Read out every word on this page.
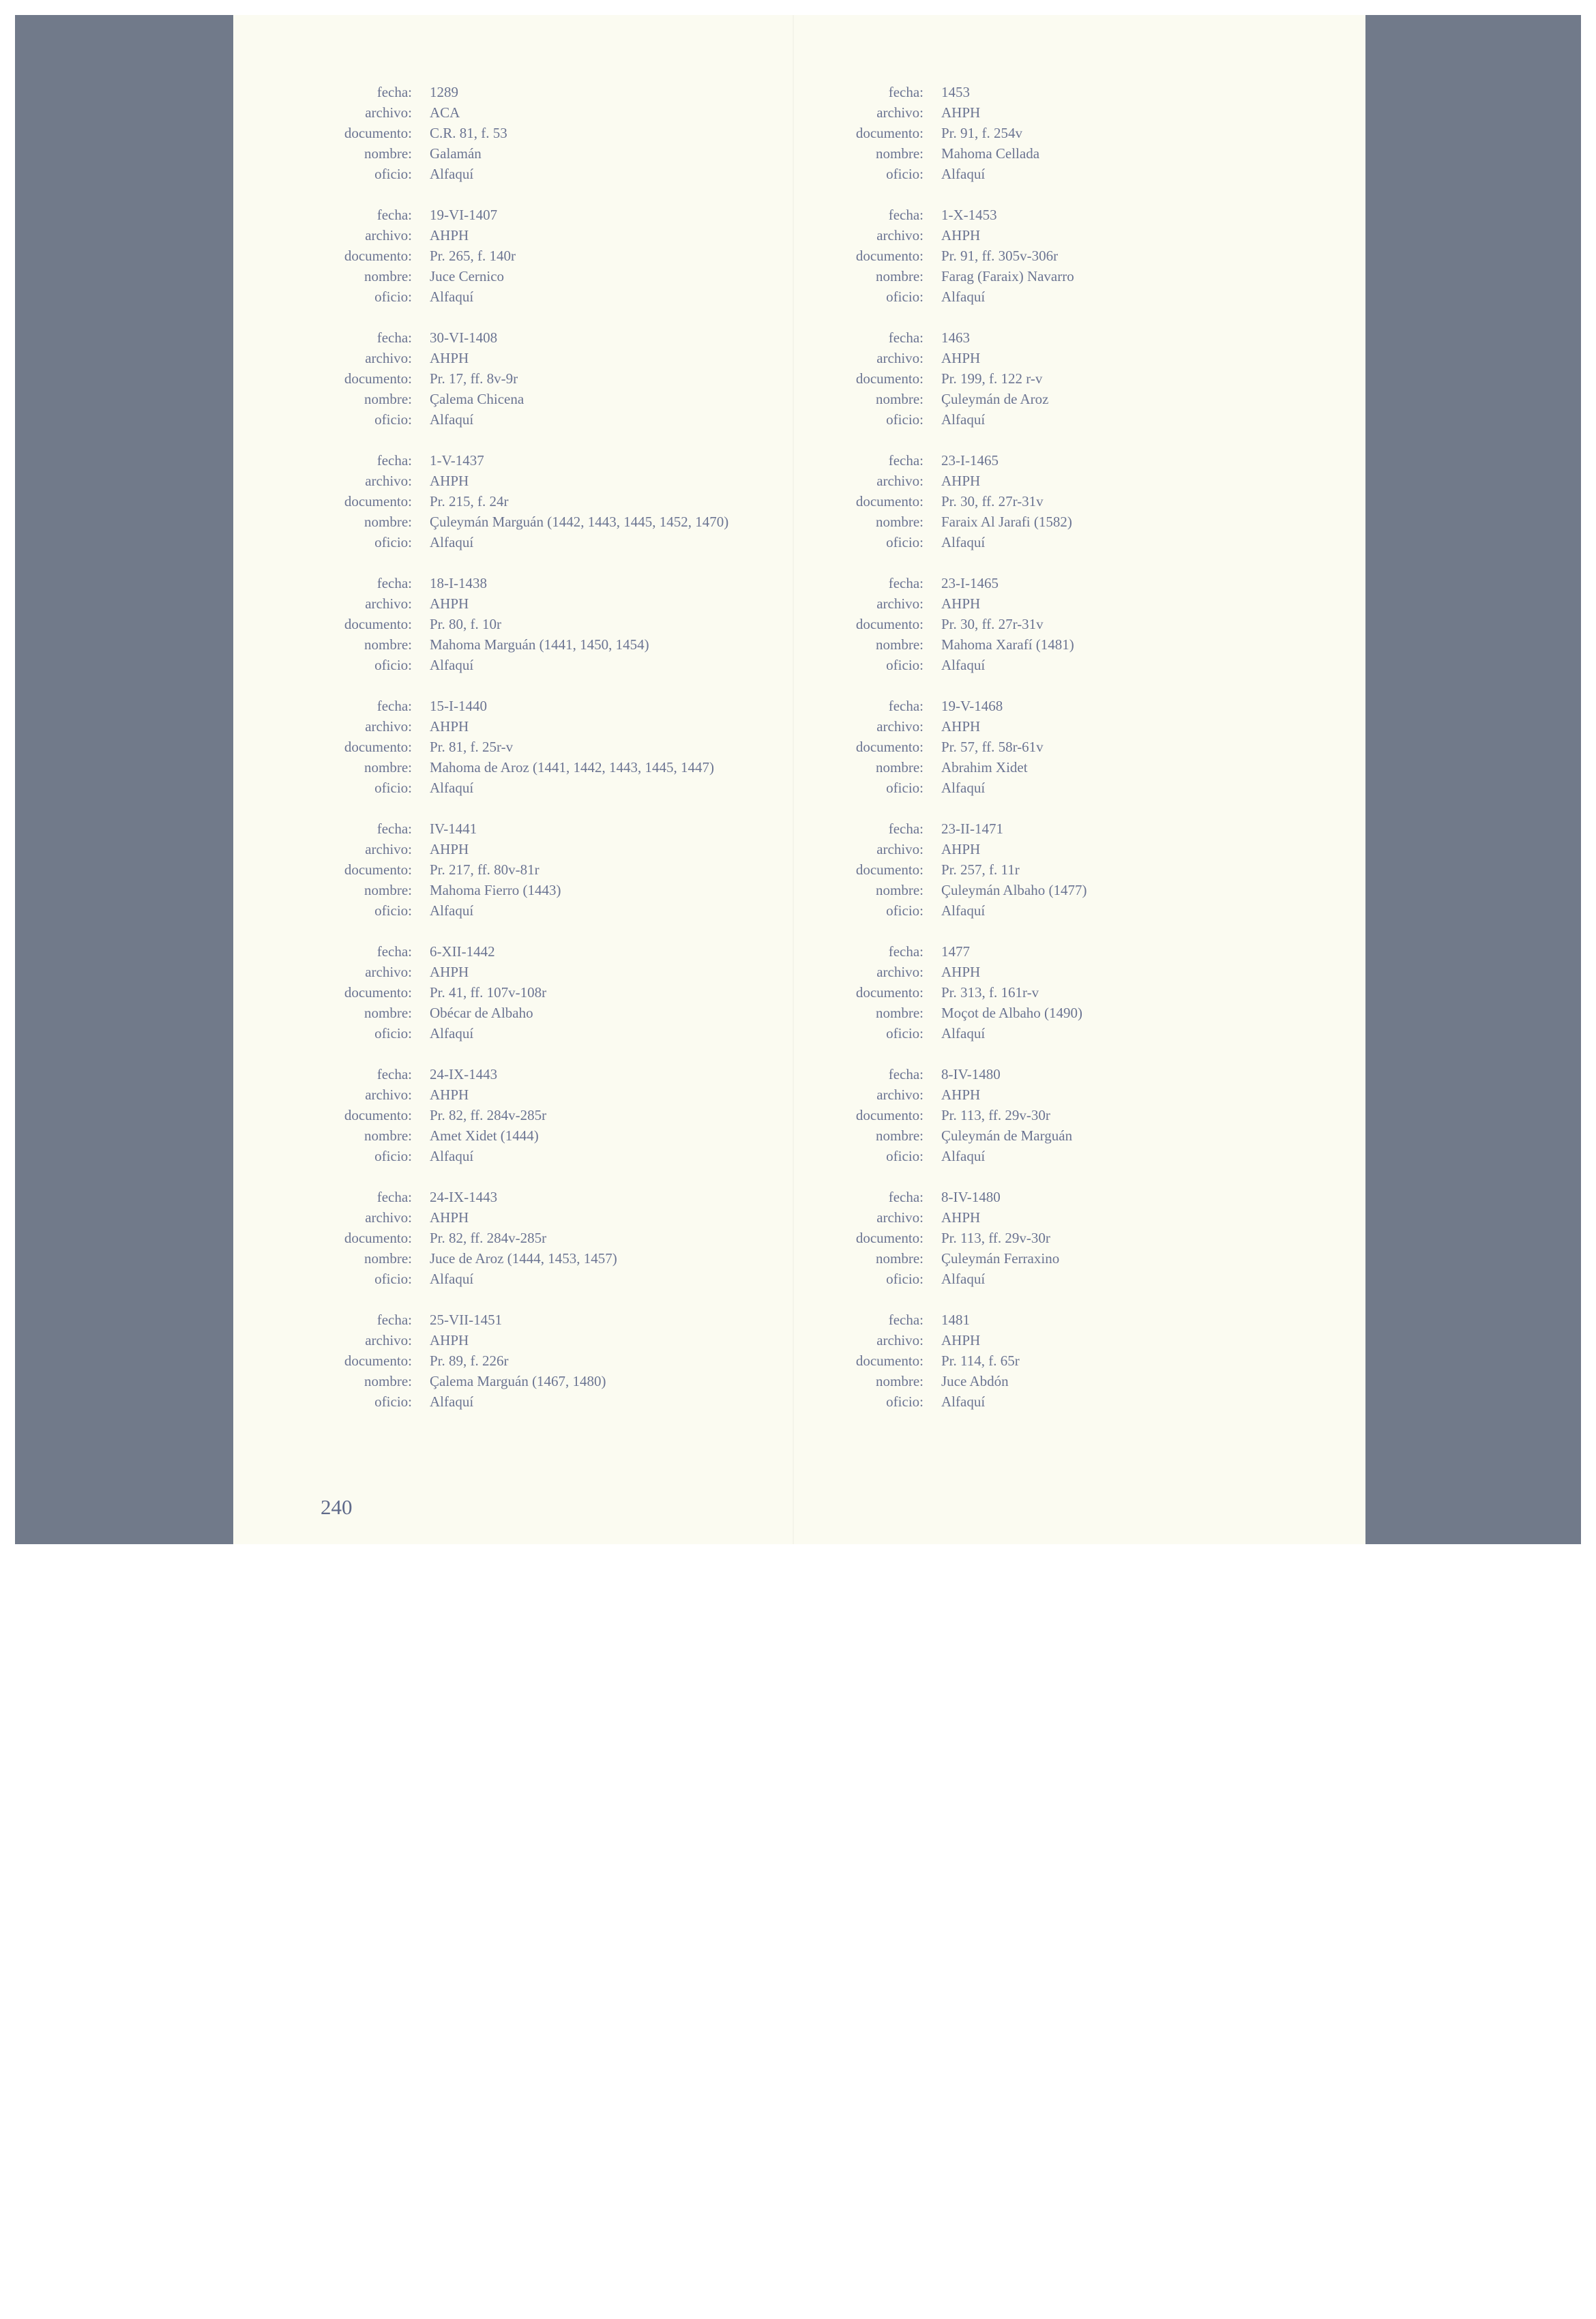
fecha:	1289
archivo:	ACA
documento:	C.R. 81, f. 53
nombre:	Galamán
oficio:	Alfaquí
fecha:	19-VI-1407
archivo:	AHPH
documento:	Pr. 265, f. 140r
nombre:	Juce Cernico
oficio:	Alfaquí
fecha:	30-VI-1408
archivo:	AHPH
documento:	Pr. 17, ff. 8v-9r
nombre:	Çalema Chicena
oficio:	Alfaquí
fecha:	1-V-1437
archivo:	AHPH
documento:	Pr. 215, f. 24r
nombre:	Çuleymán Marguán (1442, 1443, 1445, 1452, 1470)
oficio:	Alfaquí
fecha:	18-I-1438
archivo:	AHPH
documento:	Pr. 80, f. 10r
nombre:	Mahoma Marguán (1441, 1450, 1454)
oficio:	Alfaquí
fecha:	15-I-1440
archivo:	AHPH
documento:	Pr. 81, f. 25r-v
nombre:	Mahoma de Aroz (1441, 1442, 1443, 1445, 1447)
oficio:	Alfaquí
fecha:	IV-1441
archivo:	AHPH
documento:	Pr. 217, ff. 80v-81r
nombre:	Mahoma Fierro (1443)
oficio:	Alfaquí
fecha:	6-XII-1442
archivo:	AHPH
documento:	Pr. 41, ff. 107v-108r
nombre:	Obécar de Albaho
oficio:	Alfaquí
fecha:	24-IX-1443
archivo:	AHPH
documento:	Pr. 82, ff. 284v-285r
nombre:	Amet Xidet (1444)
oficio:	Alfaquí
fecha:	24-IX-1443
archivo:	AHPH
documento:	Pr. 82, ff. 284v-285r
nombre:	Juce de Aroz (1444, 1453, 1457)
oficio:	Alfaquí
fecha:	25-VII-1451
archivo:	AHPH
documento:	Pr. 89, f. 226r
nombre:	Çalema Marguán (1467, 1480)
oficio:	Alfaquí
fecha:	1453
archivo:	AHPH
documento:	Pr. 91, f. 254v
nombre:	Mahoma Cellada
oficio:	Alfaquí
fecha:	1-X-1453
archivo:	AHPH
documento:	Pr. 91, ff. 305v-306r
nombre:	Farag (Faraix) Navarro
oficio:	Alfaquí
fecha:	1463
archivo:	AHPH
documento:	Pr. 199, f. 122 r-v
nombre:	Çuleymán de Aroz
oficio:	Alfaquí
fecha:	23-I-1465
archivo:	AHPH
documento:	Pr. 30, ff. 27r-31v
nombre:	Faraix Al Jarafi (1582)
oficio:	Alfaquí
fecha:	23-I-1465
archivo:	AHPH
documento:	Pr. 30, ff. 27r-31v
nombre:	Mahoma Xarafí (1481)
oficio:	Alfaquí
fecha:	19-V-1468
archivo:	AHPH
documento:	Pr. 57, ff. 58r-61v
nombre:	Abrahim Xidet
oficio:	Alfaquí
fecha:	23-II-1471
archivo:	AHPH
documento:	Pr. 257, f. 11r
nombre:	Çuleymán Albaho (1477)
oficio:	Alfaquí
fecha:	1477
archivo:	AHPH
documento:	Pr. 313, f. 161r-v
nombre:	Moçot de Albaho (1490)
oficio:	Alfaquí
fecha:	8-IV-1480
archivo:	AHPH
documento:	Pr. 113, ff. 29v-30r
nombre:	Çuleymán de Marguán
oficio:	Alfaquí
fecha:	8-IV-1480
archivo:	AHPH
documento:	Pr. 113, ff. 29v-30r
nombre:	Çuleymán Ferraxino
oficio:	Alfaquí
fecha:	1481
archivo:	AHPH
documento:	Pr. 114, f. 65r
nombre:	Juce Abdón
oficio:	Alfaquí
240
